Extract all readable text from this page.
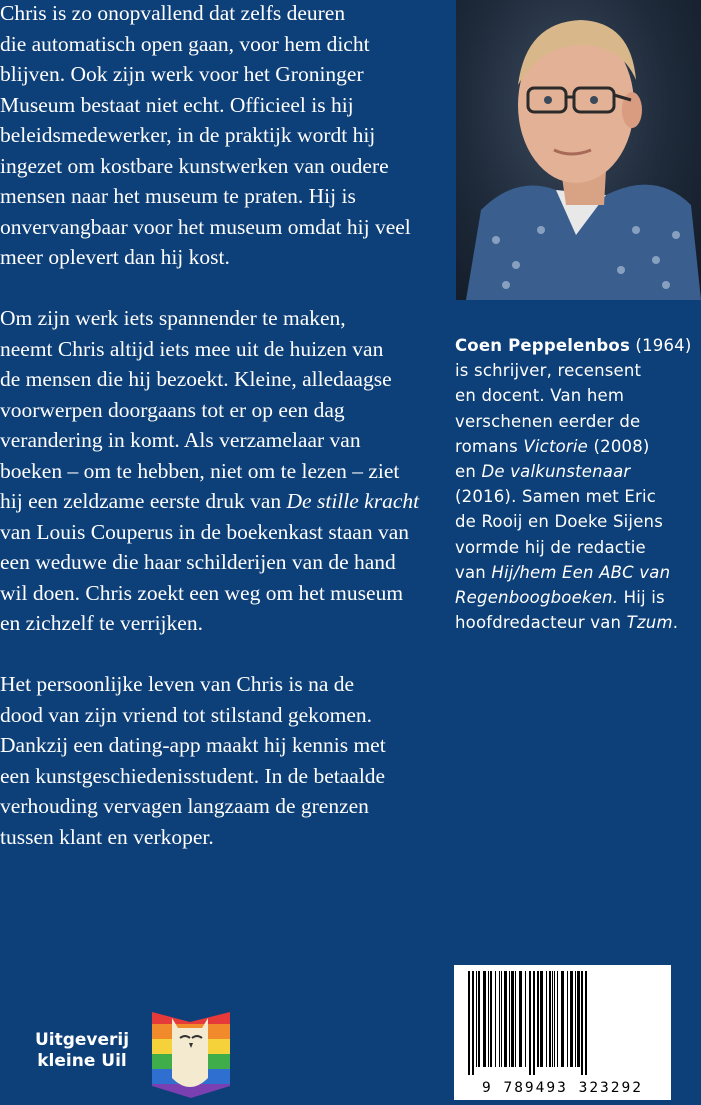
Chris is zo onopvallend dat zelfs deuren
die automatisch open gaan, voor hem dicht
blijven. Ook zijn werk voor het Groninger
Museum bestaat niet echt. Officieel is hij
beleidsmedewerker, in de praktijk wordt hij
ingezet om kostbare kunstwerken van oudere
mensen naar het museum te praten. Hij is
onvervangbaar voor het museum omdat hij veel
meer oplevert dan hij kost.

Om zijn werk iets spannender te maken,
neemt Chris altijd iets mee uit de huizen van
de mensen die hij bezoekt. Kleine, alledaagse
voorwerpen doorgaans tot er op een dag
verandering in komt. Als verzamelaar van
boeken – om te hebben, niet om te lezen – ziet
hij een zeldzame eerste druk van De stille kracht
van Louis Couperus in de boekenkast staan van
een weduwe die haar schilderijen van de hand
wil doen. Chris zoekt een weg om het museum
en zichzelf te verrijken.

Het persoonlijke leven van Chris is na de
dood van zijn vriend tot stilstand gekomen.
Dankzij een dating-app maakt hij kennis met
een kunstgeschiedenisstudent. In de betaalde
verhouding vervagen langzaam de grenzen
tussen klant en verkoper.

Coen Peppelenbos (1964)
is schrijver, recensent
en docent. Van hem
verschenen eerder de
romans Victorie (2008)
en De valkunstenaar
(2016). Samen met Eric
de Rooij en Doeke Sijens
vormde hij de redactie
van Hij/hem Een ABC van
Regenboogboeken. Hij is
hoofdredacteur van Tzum.
Uitgeverij
kleine Uil
9 789493 323292
